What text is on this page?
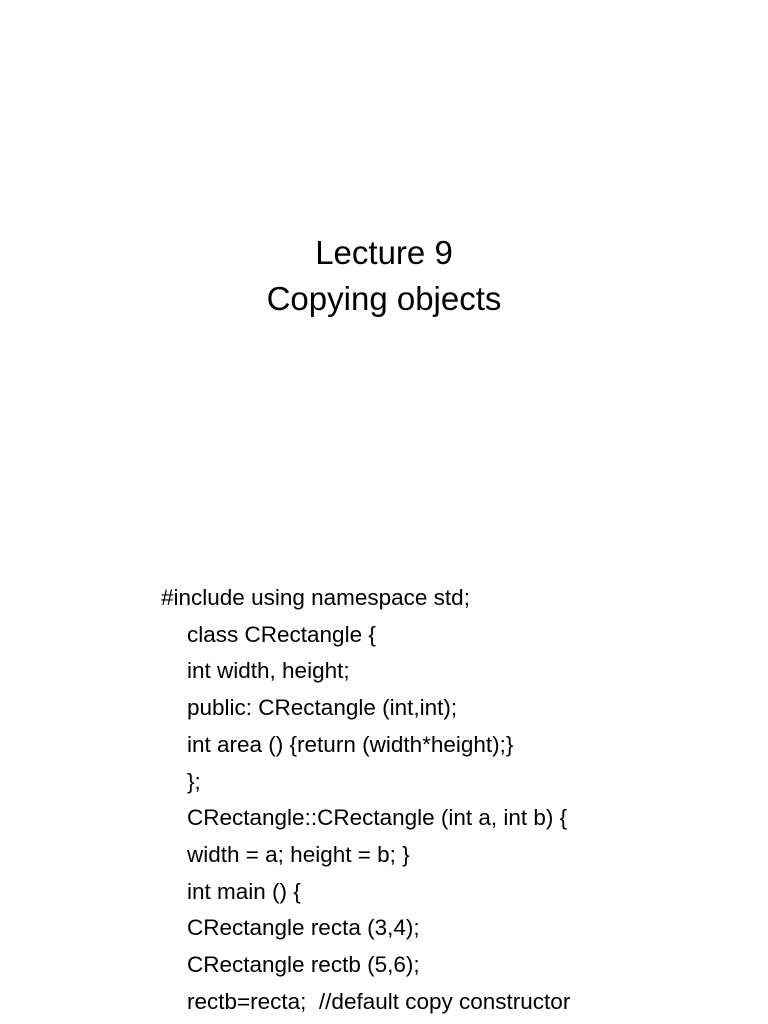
Lecture 9
Copying objects
#include using namespace std;
class CRectangle {
int width, height;
public: CRectangle (int,int);
int area () {return (width*height);}
};
CRectangle::CRectangle (int a, int b) {
width = a; height = b; }
int main () {
CRectangle recta (3,4);
CRectangle rectb (5,6);
rectb=recta;  //default copy constructor
